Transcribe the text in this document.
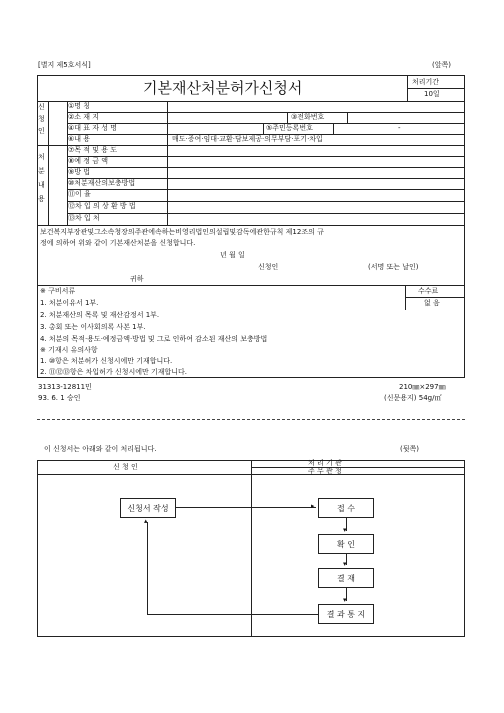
[별지 제5호서식]	(앞쪽)
기본재산처분허가신청서	처리기간
10일
신
청
인
①명 칭
②소 재 지	③전화번호
④대 표 자 성 명	⑤주민등록번호	-
⑥내 용	매도·증여·임대·교환·담보제공·의무부담·포기·차입
처
분
내
용
⑦목 적 및 용 도
⑧예 정 금 액
⑨방 법
⑩처분재산의보충방법
⑪이 율
⑫차 입 의 상 환 방 법
⑬차 입 처
보건복지부장관및그소속청장의주관에속하는비영리법인의설립및감독에관한규칙 제12조의 규
정에 의하여 위와 같이 기본재산처분을 신청합니다.
년 월 일
신청인	(서명 또는 날인)
귀하
수수료
없 음
※ 구비서류
1. 처분이유서 1부.
2. 처분재산의 목록 및 재산감정서 1부.
3. 총회 또는 이사회의록 사본 1부.
4. 처분의 목적·용도·예정금액·방법 및 그로 인하여 감소된 재산의 보충방법
※ 기재시 유의사항
1. ⑩항은 처분허가 신청시에만 기재합니다.
2. ⑪⑫⑬항은 차입허가 신청시에만 기재합니다.
31313-12811민
93. 6. 1 승인
210㎜×297㎜
(신문용지) 54g/㎡
이 신청서는 아래와 같이 처리됩니다.	(뒷쪽)
신 청 인	처 리 기 관
주 무 관 청
신청서 작성	접 수
확 인
결 재
결 과 통 지
▸
▾
▾
▾
▴
